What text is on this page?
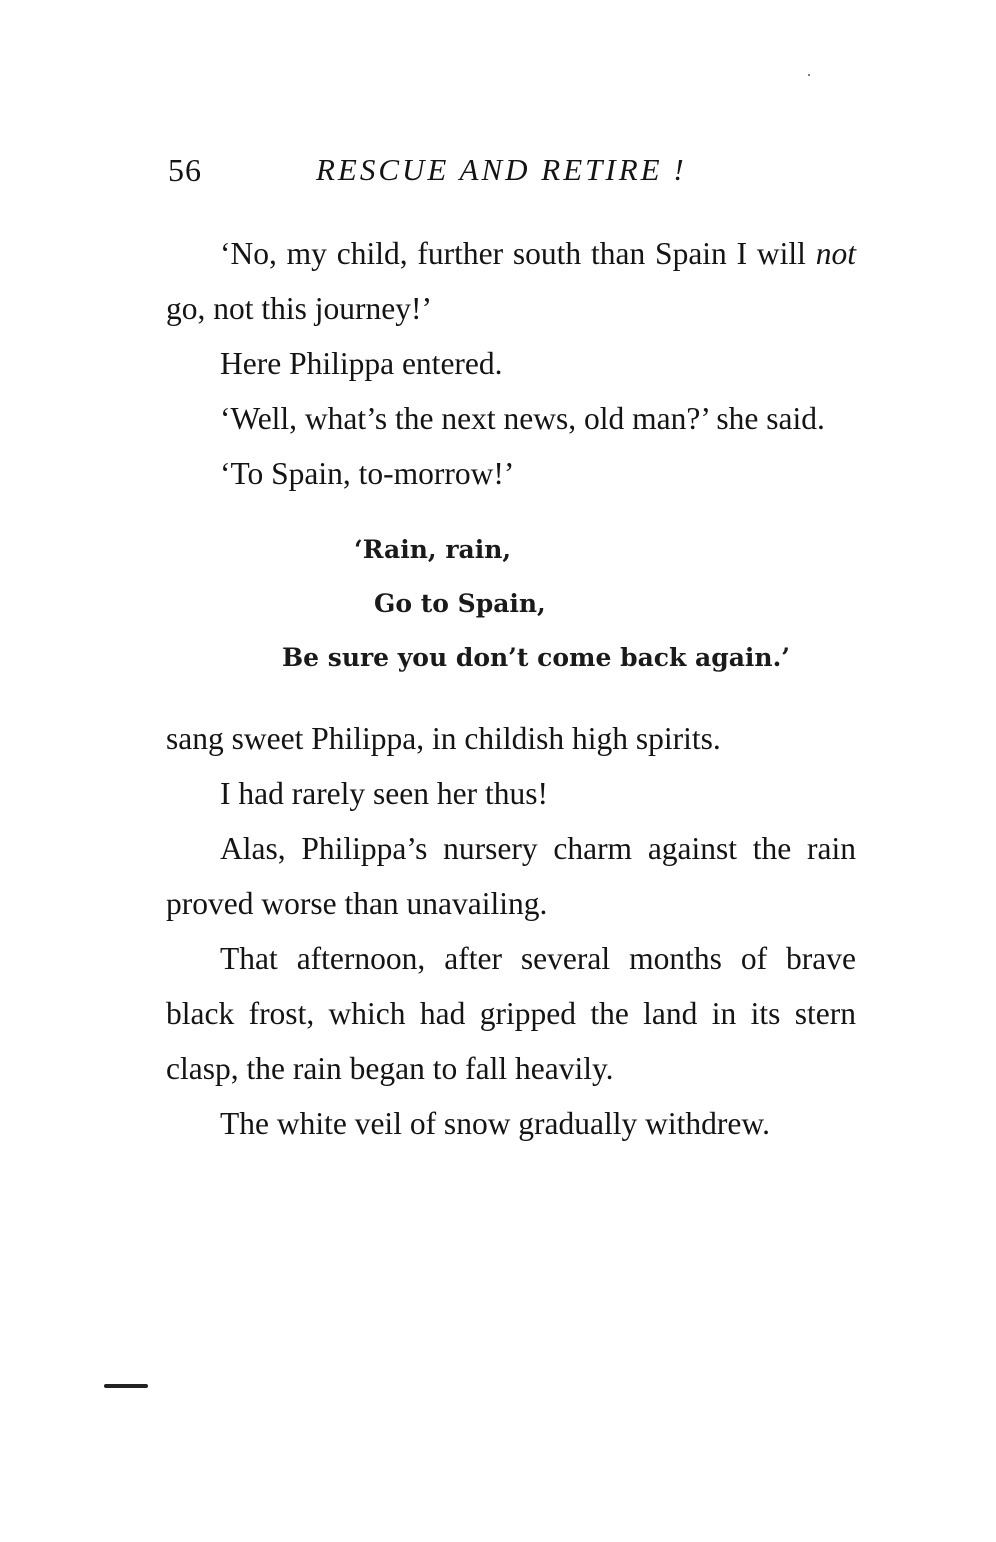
56	RESCUE AND RETIRE !

‘No, my child, further south than Spain I will not go, not this journey!’

Here Philippa entered.

‘Well, what’s the next news, old man?’ she said.

‘To Spain, to-morrow!’

‘Rain, rain,
Go to Spain,
Be sure you don’t come back again.’

sang sweet Philippa, in childish high spirits.

I had rarely seen her thus!

Alas, Philippa’s nursery charm against the rain proved worse than unavailing.

That afternoon, after several months of brave black frost, which had gripped the land in its stern clasp, the rain began to fall heavily.

The white veil of snow gradually withdrew.
